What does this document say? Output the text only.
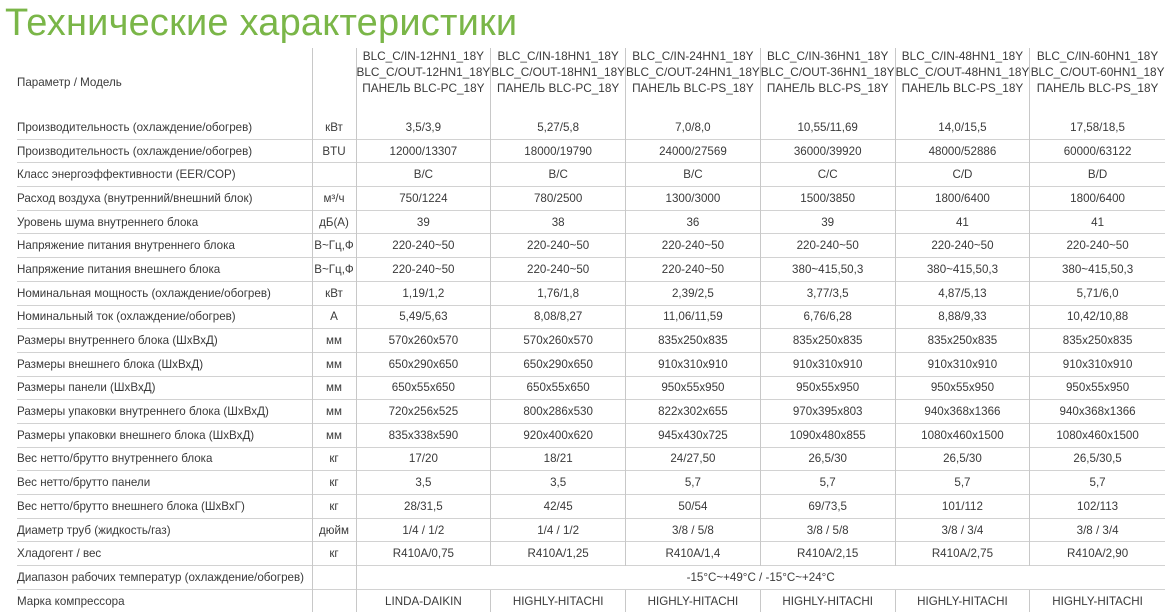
Технические характеристики
Параметр / Модель		BLC_C/IN-12HN1_18Y
BLC_C/OUT-12HN1_18Y
ПАНЕЛЬ BLC-PC_18Y	BLC_C/IN-18HN1_18Y
BLC_C/OUT-18HN1_18Y
ПАНЕЛЬ BLC-PC_18Y	BLC_C/IN-24HN1_18Y
BLC_C/OUT-24HN1_18Y
ПАНЕЛЬ BLC-PS_18Y	BLC_C/IN-36HN1_18Y
BLC_C/OUT-36HN1_18Y
ПАНЕЛЬ BLC-PS_18Y	BLC_C/IN-48HN1_18Y
BLC_C/OUT-48HN1_18Y
ПАНЕЛЬ BLC-PS_18Y	BLC_C/IN-60HN1_18Y
BLC_C/OUT-60HN1_18Y
ПАНЕЛЬ BLC-PS_18Y

Производительность (охлаждение/обогрев)	кВт	3,5/3,9	5,27/5,8	7,0/8,0	10,55/11,69	14,0/15,5	17,58/18,5
Производительность (охлаждение/обогрев)	BTU	12000/13307	18000/19790	24000/27569	36000/39920	48000/52886	60000/63122
Класс энергоэффективности (EER/COP)		B/C	B/C	B/C	C/C	C/D	B/D
Расход воздуха (внутренний/внешний блок)	м³/ч	750/1224	780/2500	1300/3000	1500/3850	1800/6400	1800/6400
Уровень шума внутреннего блока	дБ(А)	39	38	36	39	41	41
Напряжение питания внутреннего блока	В~Гц,Ф	220-240~50	220-240~50	220-240~50	220-240~50	220-240~50	220-240~50
Напряжение питания внешнего блока	В~Гц,Ф	220-240~50	220-240~50	220-240~50	380~415,50,3	380~415,50,3	380~415,50,3
Номинальная мощность (охлаждение/обогрев)	кВт	1,19/1,2	1,76/1,8	2,39/2,5	3,77/3,5	4,87/5,13	5,71/6,0
Номинальный ток (охлаждение/обогрев)	А	5,49/5,63	8,08/8,27	11,06/11,59	6,76/6,28	8,88/9,33	10,42/10,88
Размеры внутреннего блока (ШхВхД)	мм	570x260x570	570x260x570	835x250x835	835x250x835	835x250x835	835x250x835
Размеры внешнего блока (ШхВхД)	мм	650x290x650	650x290x650	910x310x910	910x310x910	910x310x910	910x310x910
Размеры панели (ШхВхД)	мм	650x55x650	650x55x650	950x55x950	950x55x950	950x55x950	950x55x950
Размеры упаковки внутреннего блока (ШхВхД)	мм	720x256x525	800x286x530	822x302x655	970x395x803	940x368x1366	940x368x1366
Размеры упаковки внешнего блока (ШхВхД)	мм	835x338x590	920x400x620	945x430x725	1090x480x855	1080x460x1500	1080x460x1500
Вес нетто/брутто внутреннего блока	кг	17/20	18/21	24/27,50	26,5/30	26,5/30	26,5/30,5
Вес нетто/брутто панели	кг	3,5	3,5	5,7	5,7	5,7	5,7
Вес нетто/брутто внешнего блока (ШхВхГ)	кг	28/31,5	42/45	50/54	69/73,5	101/112	102/113
Диаметр труб (жидкость/газ)	дюйм	1/4 / 1/2	1/4 / 1/2	3/8 / 5/8	3/8 / 5/8	3/8 / 3/4	3/8 / 3/4
Хладогент / вес	кг	R410A/0,75	R410A/1,25	R410A/1,4	R410A/2,15	R410A/2,75	R410A/2,90
Диапазон рабочих температур (охлаждение/обогрев)		-15°C~+49°C / -15°C~+24°C					
Марка компрессора		LINDA-DAIKIN	HIGHLY-HITACHI	HIGHLY-HITACHI	HIGHLY-HITACHI	HIGHLY-HITACHI	HIGHLY-HITACHI
